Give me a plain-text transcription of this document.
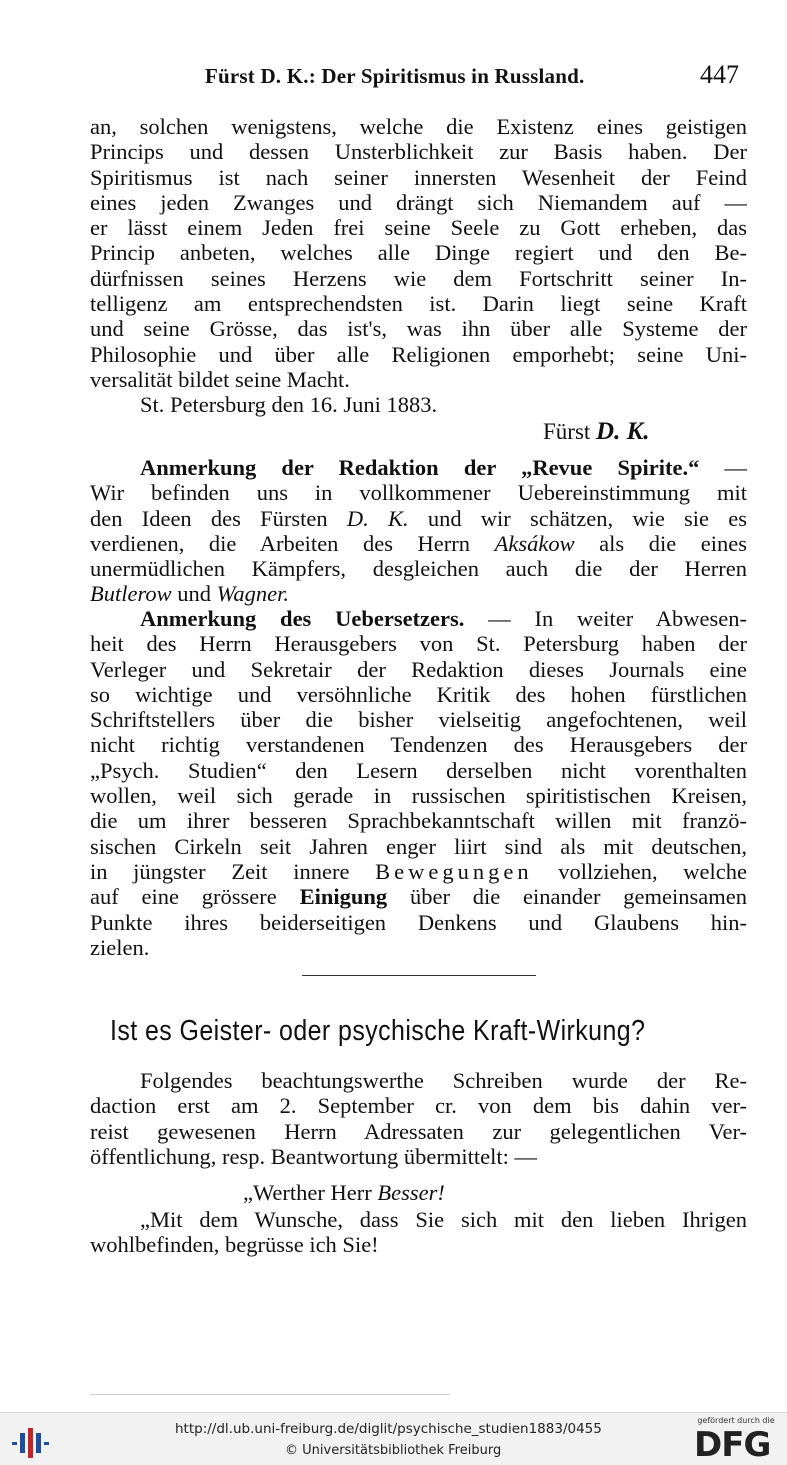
Fürst D. K.: Der Spiritismus in Russland.	447
an, solchen wenigstens, welche die Existenz eines geistigen
Princips und dessen Unsterblichkeit zur Basis haben. Der
Spiritismus ist nach seiner innersten Wesenheit der Feind
eines jeden Zwanges und drängt sich Niemandem auf —
er lässt einem Jeden frei seine Seele zu Gott erheben, das
Princip anbeten, welches alle Dinge regiert und den Be-
dürfnissen seines Herzens wie dem Fortschritt seiner In-
telligenz am entsprechendsten ist. Darin liegt seine Kraft
und seine Grösse, das ist's, was ihn über alle Systeme der
Philosophie und über alle Religionen emporhebt; seine Uni-
versalität bildet seine Macht.
St. Petersburg den 16. Juni 1883.
Fürst D. K.
Anmerkung der Redaktion der „Revue Spirite.“ —
Wir befinden uns in vollkommener Uebereinstimmung mit
den Ideen des Fürsten D. K. und wir schätzen, wie sie es
verdienen, die Arbeiten des Herrn Aksákow als die eines
unermüdlichen Kämpfers, desgleichen auch die der Herren
Butlerow und Wagner.
Anmerkung des Uebersetzers. — In weiter Abwesen-
heit des Herrn Herausgebers von St. Petersburg haben der
Verleger und Sekretair der Redaktion dieses Journals eine
so wichtige und versöhnliche Kritik des hohen fürstlichen
Schriftstellers über die bisher vielseitig angefochtenen, weil
nicht richtig verstandenen Tendenzen des Herausgebers der
„Psych. Studien“ den Lesern derselben nicht vorenthalten
wollen, weil sich gerade in russischen spiritistischen Kreisen,
die um ihrer besseren Sprachbekanntschaft willen mit franzö-
sischen Cirkeln seit Jahren enger liirt sind als mit deutschen,
in jüngster Zeit innere Bewegungen vollziehen, welche
auf eine grössere Einigung über die einander gemeinsamen
Punkte ihres beiderseitigen Denkens und Glaubens hin-
zielen.
Ist es Geister- oder psychische Kraft-Wirkung?
Folgendes beachtungswerthe Schreiben wurde der Re-
daction erst am 2. September cr. von dem bis dahin ver-
reist gewesenen Herrn Adressaten zur gelegentlichen Ver-
öffentlichung, resp. Beantwortung übermittelt: —
„Werther Herr Besser!
„Mit dem Wunsche, dass Sie sich mit den lieben Ihrigen
wohlbefinden, begrüsse ich Sie!
http://dl.ub.uni-freiburg.de/diglit/psychische_studien1883/0455
© Universitätsbibliothek Freiburg
gefördert durch die
DFG
